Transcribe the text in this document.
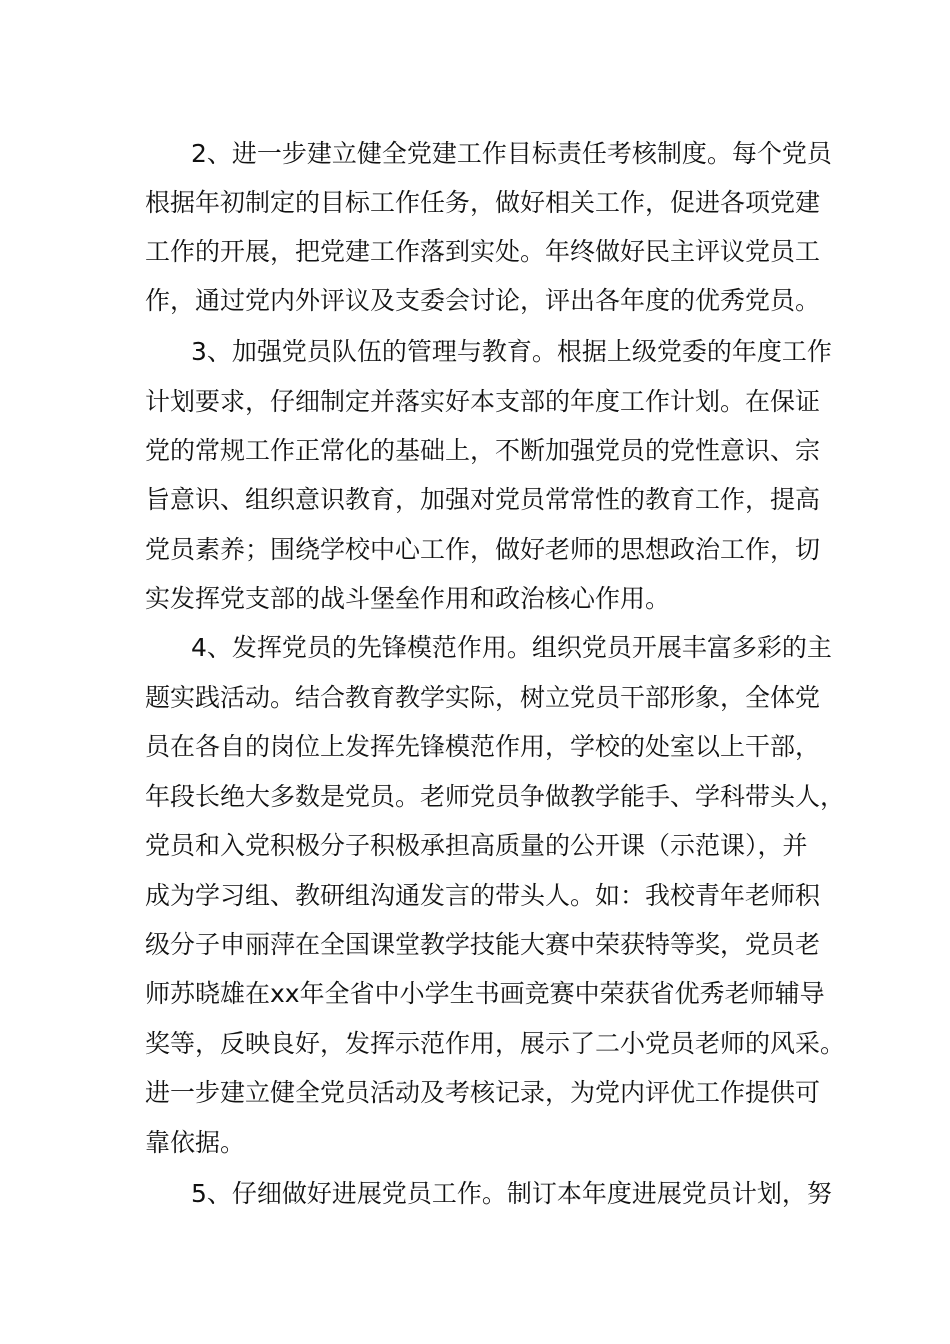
2、进一步建立健全党建工作目标责任考核制度。每个党员
根据年初制定的目标工作任务，做好相关工作，促进各项党建
工作的开展，把党建工作落到实处。年终做好民主评议党员工
作，通过党内外评议及支委会讨论，评出各年度的优秀党员。
3、加强党员队伍的管理与教育。根据上级党委的年度工作
计划要求，仔细制定并落实好本支部的年度工作计划。在保证
党的常规工作正常化的基础上，不断加强党员的党性意识、宗
旨意识、组织意识教育，加强对党员常常性的教育工作，提高
党员素养；围绕学校中心工作，做好老师的思想政治工作，切
实发挥党支部的战斗堡垒作用和政治核心作用。
4、发挥党员的先锋模范作用。组织党员开展丰富多彩的主
题实践活动。结合教育教学实际，树立党员干部形象，全体党
员在各自的岗位上发挥先锋模范作用，学校的处室以上干部，
年段长绝大多数是党员。老师党员争做教学能手、学科带头人，
党员和入党积极分子积极承担高质量的公开课（示范课），并
成为学习组、教研组沟通发言的带头人。如：我校青年老师积
级分子申丽萍在全国课堂教学技能大赛中荣获特等奖，党员老
师苏晓雄在xx年全省中小学生书画竞赛中荣获省优秀老师辅导
奖等，反映良好，发挥示范作用，展示了二小党员老师的风采。
进一步建立健全党员活动及考核记录，为党内评优工作提供可
靠依据。
5、仔细做好进展党员工作。制订本年度进展党员计划，努
